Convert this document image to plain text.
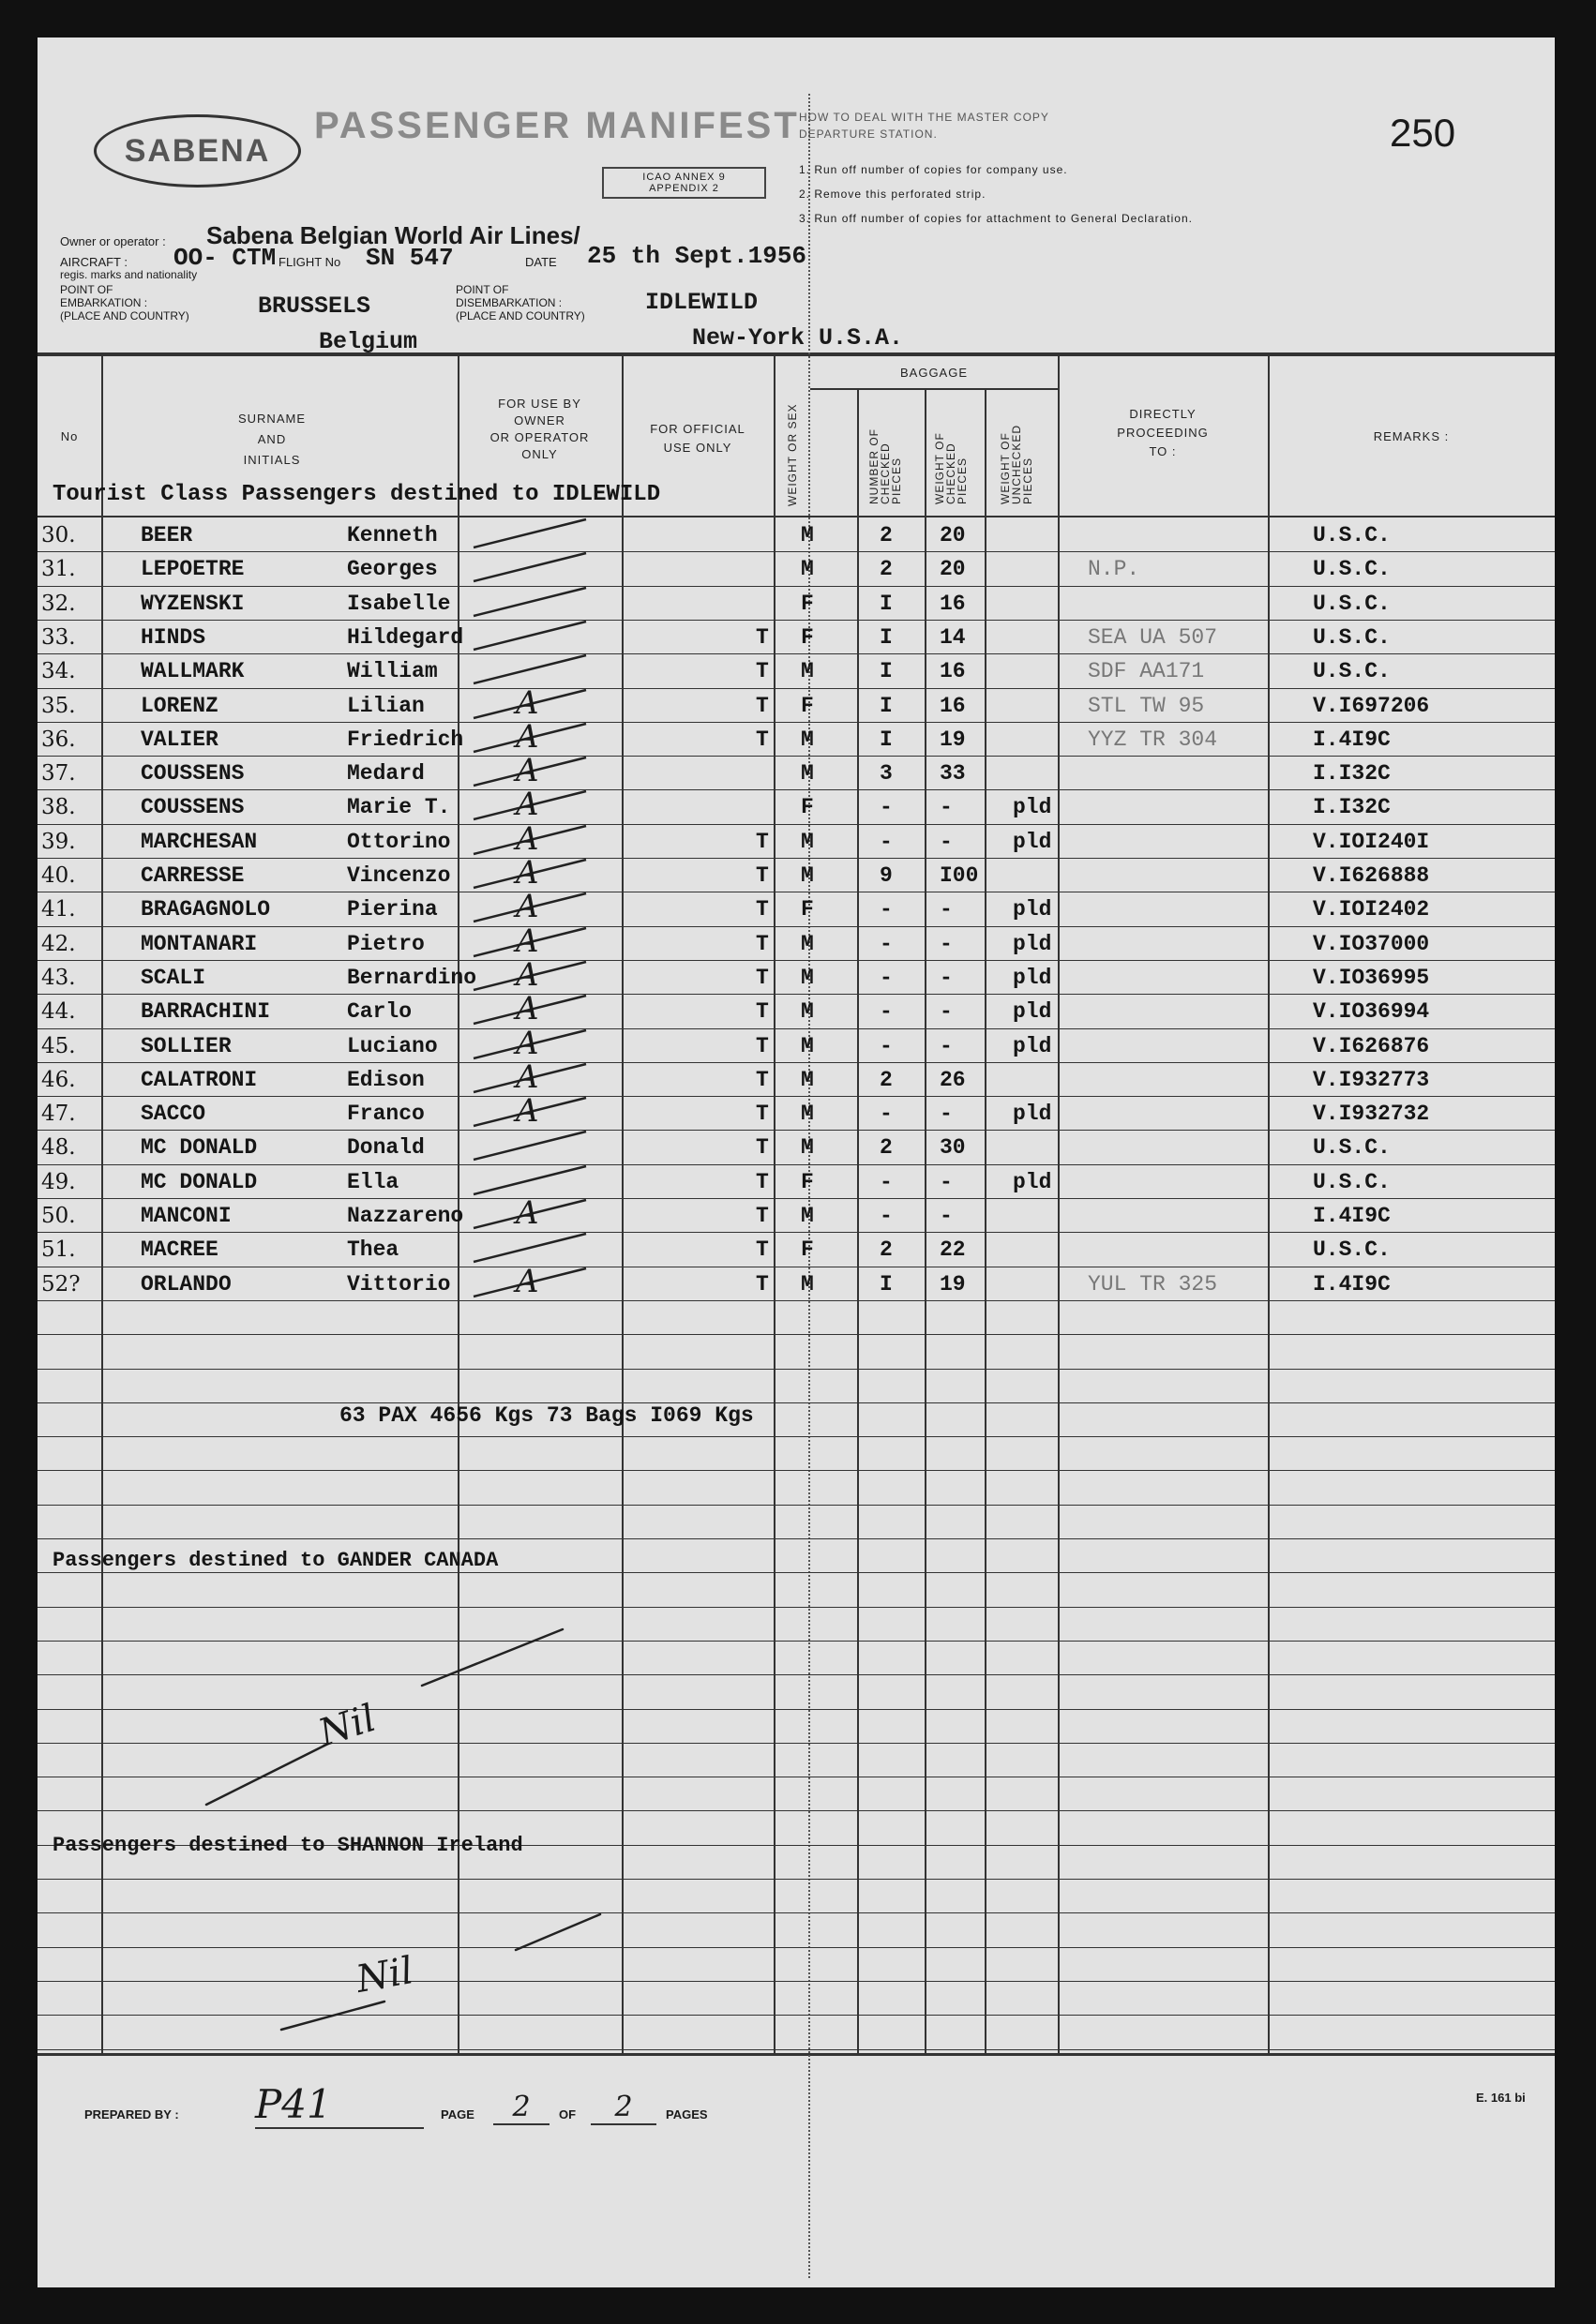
SABENA
PASSENGER MANIFEST
ICAO ANNEX 9
APPENDIX 2
HOW TO DEAL WITH THE MASTER COPY
DEPARTURE STATION.
1. Run off number of copies for company use.
2. Remove this perforated strip.
3. Run off number of copies for attachment to General Declaration.
250
Owner or operator : Sabena Belgian World Air Lines/
AIRCRAFT :
regis. marks and nationality
OO- CTM FLIGHT No SN 547	DATE 25 th Sept.1956
POINT OF
EMBARKATION :
(PLACE AND COUNTRY)	BRUSSELS
Belgium
POINT OF
DISEMBARKATION :
(PLACE AND COUNTRY)	IDLEWILD
New-York U.S.A.
No
SURNAME
AND
INITIALS
FOR USE BY
OWNER
OR OPERATOR
ONLY
FOR OFFICIAL
USE ONLY	WEIGHT OR SEX
BAGGAGE
NUMBER OF
CHECKED
PIECES	WEIGHT OF
CHECKED
PIECES	WEIGHT OF
UNCHECKED
PIECES
DIRECTLY
PROCEEDING
TO :
REMARKS :
Tourist Class Passengers destined to IDLEWILD
30.	BEER	Kenneth	M	2 20	U.S.C.
31.	LEPOETRE	Georges	M	2 20	N.P.	U.S.C.
32.	WYZENSKI	Isabelle	F	I 16	U.S.C.
33.	HINDS	Hildegard	T F	I 14	SEA UA 507	U.S.C.
34.	WALLMARK	William	T M	I 16	SDF AA171	U.S.C.
35.	LORENZ	Lilian	T F	I 16	STL TW 95	V.I697206
A
36.	VALIER	Friedrich	T M	I 19	YYZ TR 304	I.4I9C
A
37.	COUSSENS	Medard	M	3 33	I.I32C
A
38.	COUSSENS	Marie T.	F	- -	pld	I.I32C
A
39.	MARCHESAN	Ottorino	T M	- -	pld	V.IOI240I
A
40.	CARRESSE	Vincenzo	T M	9 I00	V.I626888
A
41.	BRAGAGNOLO	Pierina	T F	- -	pld	V.IOI2402
A
42.	MONTANARI	Pietro	T M	- -	pld	V.IO37000
A
43.	SCALI	Bernardino	T M	- -	pld	V.IO36995
A
44.	BARRACHINI	Carlo	T M	- -	pld	V.IO36994
A
45.	SOLLIER	Luciano	T M	- -	pld	V.I626876
A
46.	CALATRONI	Edison	T M	2 26	V.I932773
A
47.	SACCO	Franco	T M	- -	pld	V.I932732
A
48.	MC DONALD	Donald	T M	2 30	U.S.C.
49.	MC DONALD	Ella	T F	- -	pld	U.S.C.
50.	MANCONI	Nazzareno	T M	- -	I.4I9C
A
51.	MACREE	Thea	T F	2 22	U.S.C.
52?	ORLANDO	Vittorio	T M	I 19	YUL TR 325	I.4I9C
A
63 PAX 4656 Kgs 73 Bags I069 Kgs
Passengers destined to GANDER CANADA
Nil
Passengers destined to SHANNON Ireland
Nil
PREPARED BY : P41	PAGE	2	OF	2	PAGES
E. 161 bi
